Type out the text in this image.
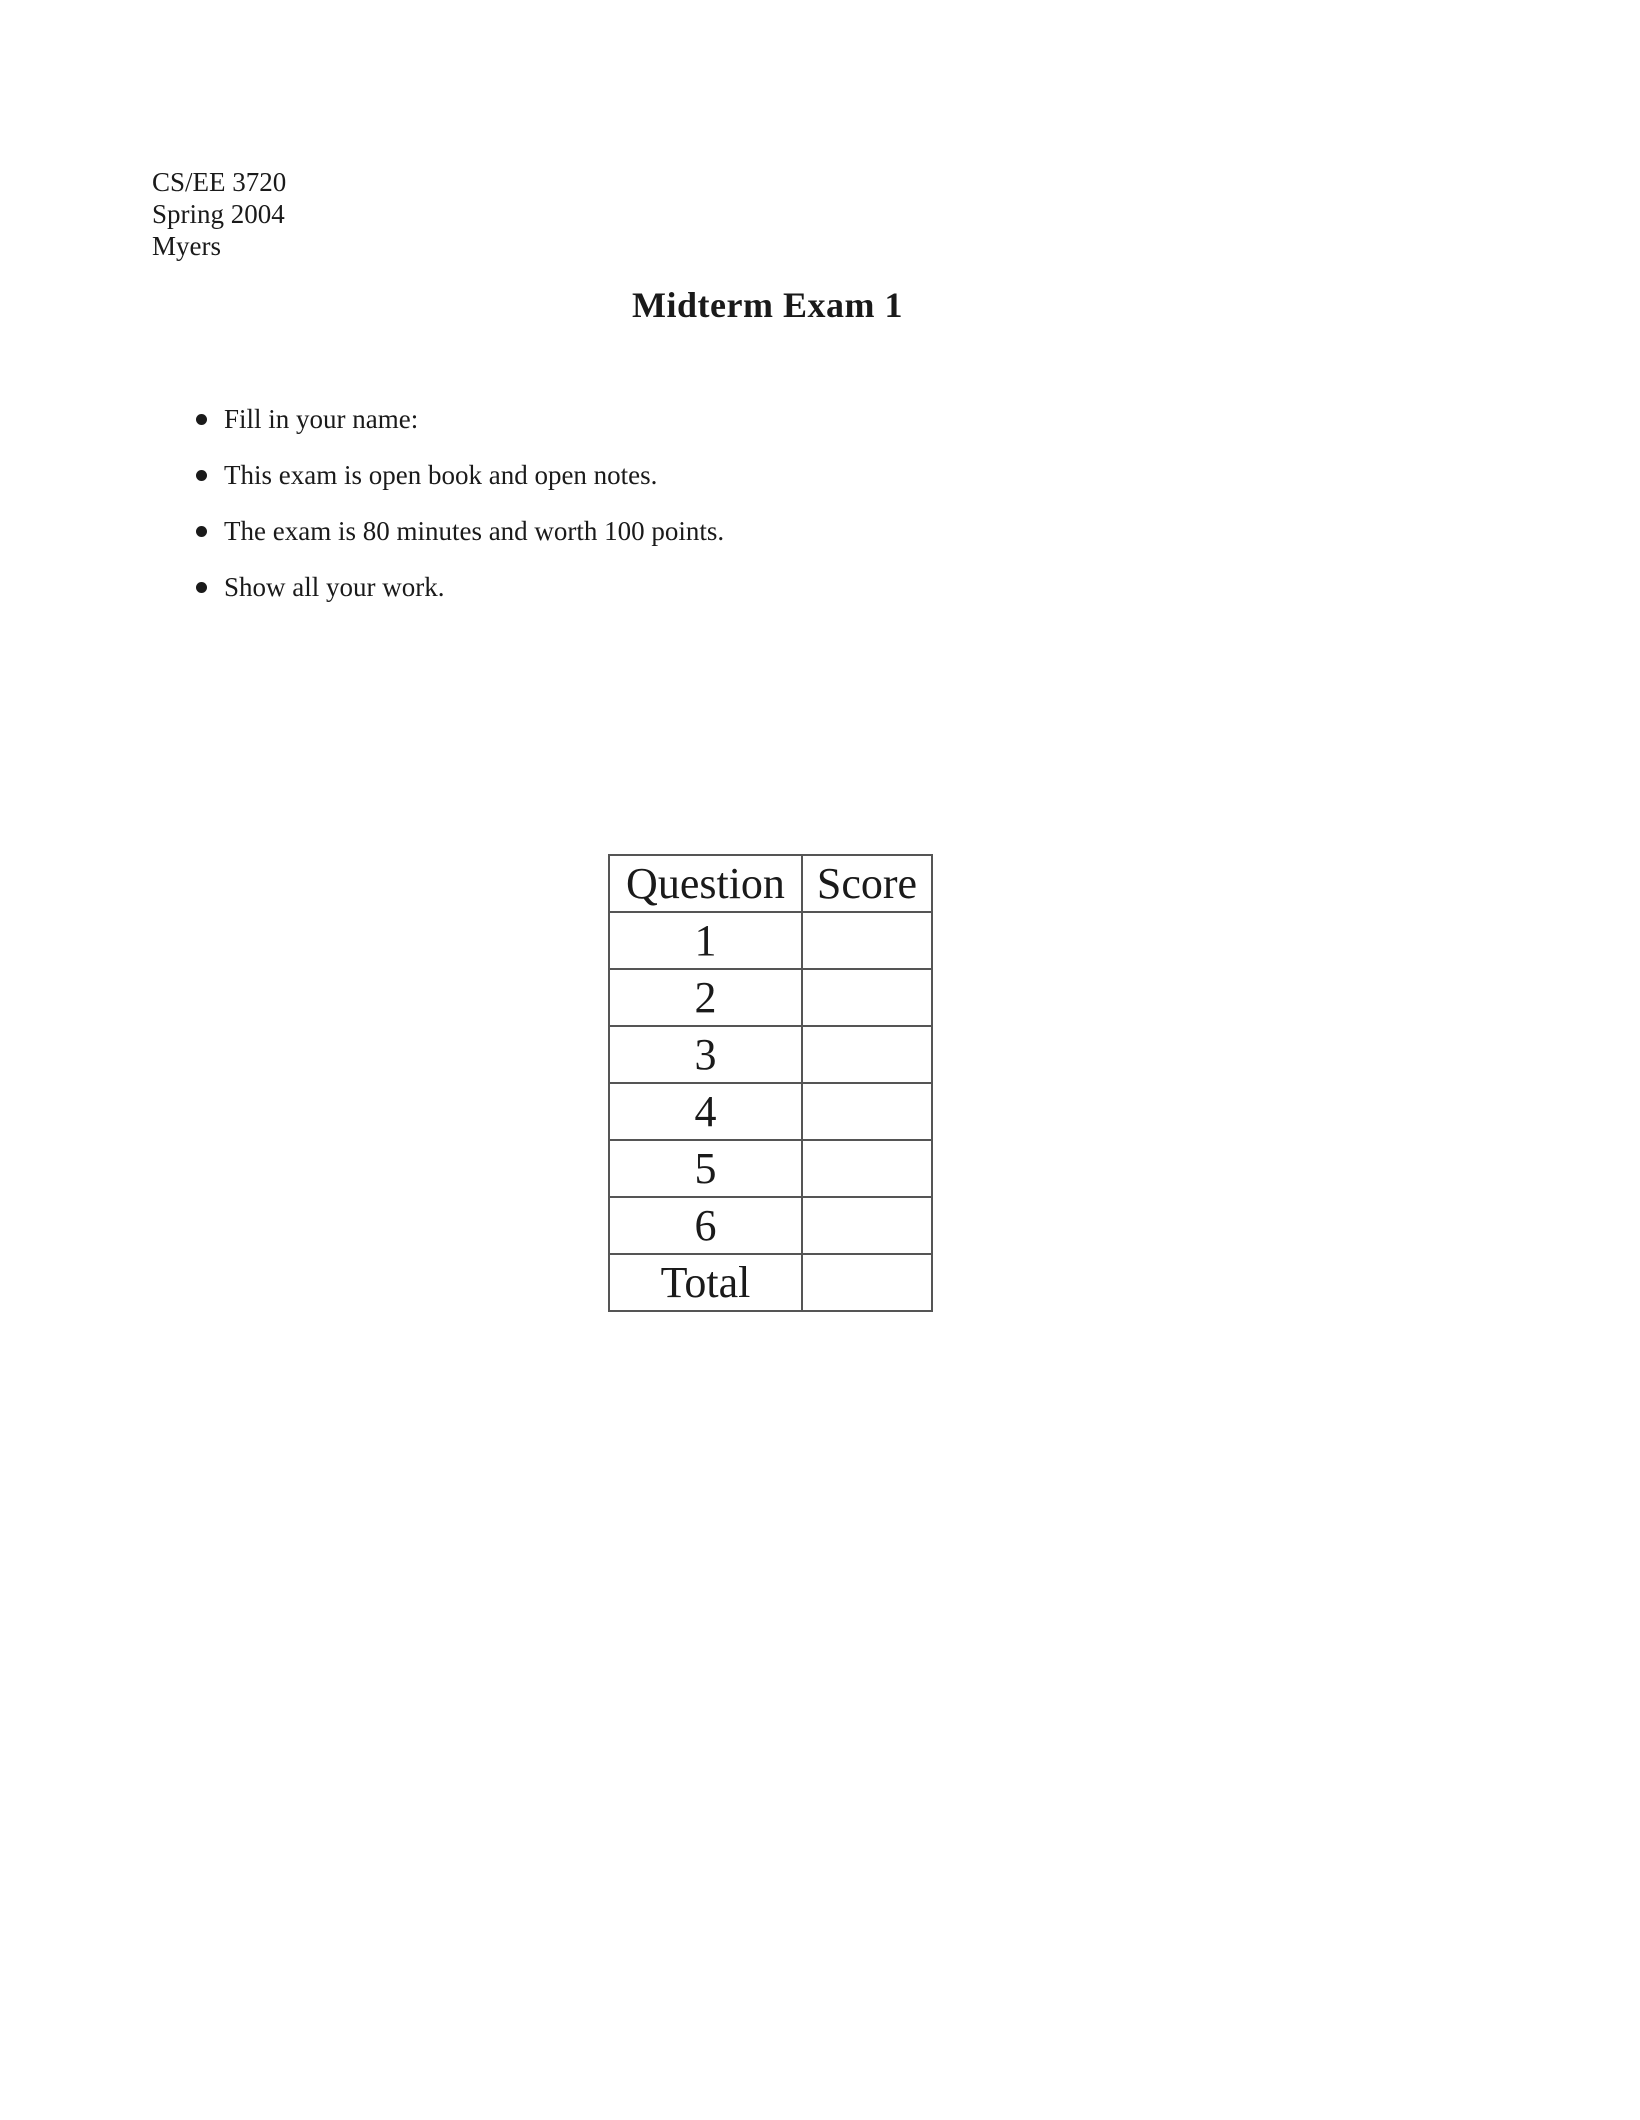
CS/EE 3720
Spring 2004
Myers
Midterm Exam 1
Fill in your name:
This exam is open book and open notes.
The exam is 80 minutes and worth 100 points.
Show all your work.
Question	Score
1	
2	
3	
4	
5	
6	
Total	
